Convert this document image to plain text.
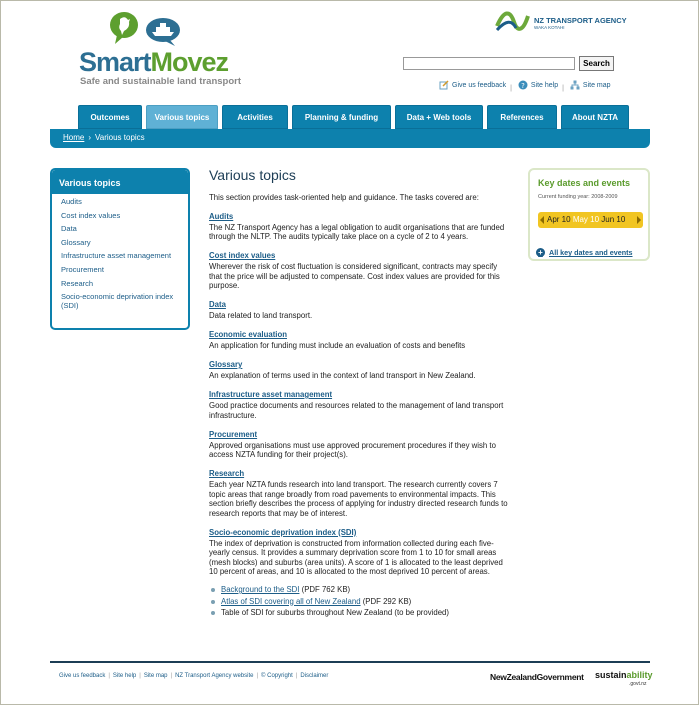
SmartMovez
Safe and sustainable land transport
NZ TRANSPORT AGENCY
WAKA KOTAHI
Search
Give us feedback | ? Site help |	Site map
Outcomes	Various topics	Activities	Planning & funding	Data + Web tools	References	About NZTA
Home › Various topics
Various topics
Audits
Cost index values
Data
Glossary
Infrastructure asset management
Procurement
Research
Socio-economic deprivation index (SDI)
Various topics

This section provides task-oriented help and guidance. The tasks covered are:

Audits

The NZ Transport Agency has a legal obligation to audit organisations that are funded through the NLTP. The audits typically take place on a cycle of 2 to 4 years.

Cost index values

Wherever the risk of cost fluctuation is considered significant, contracts may specify that the price will be adjusted to compensate. Cost index values are provided for this purpose.

Data

Data related to land transport.

Economic evaluation

An application for funding must include an evaluation of costs and benefits

Glossary

An explanation of terms used in the context of land transport in New Zealand.

Infrastructure asset management

Good practice documents and resources related to the management of land transport infrastructure.

Procurement

Approved organisations must use approved procurement procedures if they wish to access NZTA funding for their project(s).

Research

Each year NZTA funds research into land transport. The research currently covers 7 topic areas that range broadly from road pavements to environmental impacts. This section briefly describes the process of applying for industry directed research funds to research reports that may be of interest.

Socio-economic deprivation index (SDI)

The index of deprivation is constructed from information collected during each five-yearly census. It provides a summary deprivation score from 1 to 10 for small areas (mesh blocks) and suburbs (area units). A score of 1 is allocated to the least deprived 10 percent of areas, and 10 is allocated to the most deprived 10 percent of areas.

Background to the SDI (PDF 762 KB)
Atlas of SDI covering all of New Zealand (PDF 292 KB)
Table of SDI for suburbs throughout New Zealand (to be provided)
Key dates and events
Current funding year: 2008-2009
Apr 10 May 10 Jun 10
+ All key dates and events
Give us feedback | Site help | Site map | NZ Transport Agency website | © Copyright | Disclaimer	NewZealandGovernment sustainability
.govt.nz
